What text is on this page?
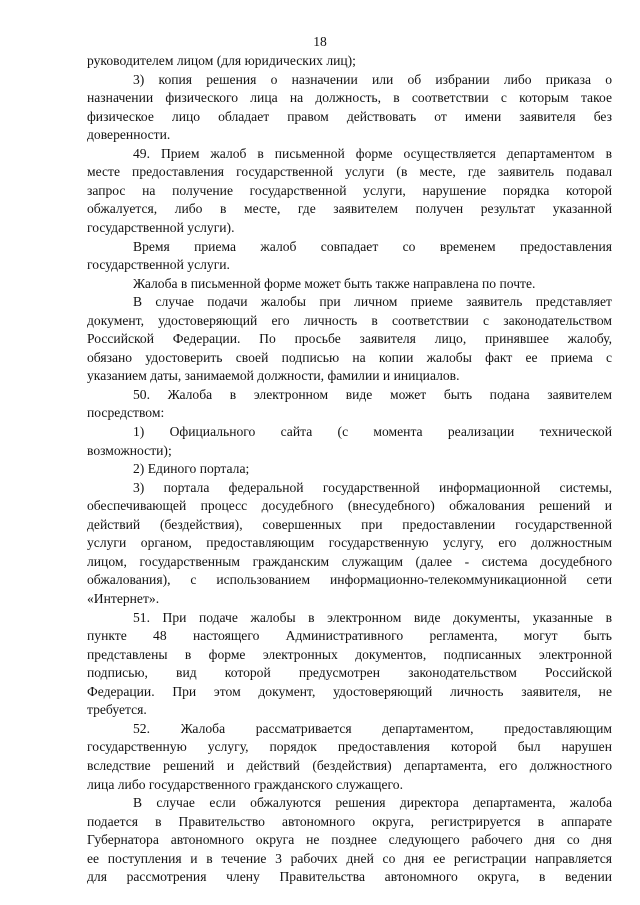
18
руководителем лицом (для юридических лиц);
3) копия решения о назначении или об избрании либо приказа о
назначении физического лица на должность, в соответствии с которым такое
физическое лицо обладает правом действовать от имени заявителя без
доверенности.
49. Прием жалоб в письменной форме осуществляется департаментом в
месте предоставления государственной услуги (в месте, где заявитель подавал
запрос на получение государственной услуги, нарушение порядка которой
обжалуется, либо в месте, где заявителем получен результат указанной
государственной услуги).
Время приема жалоб совпадает со временем предоставления
государственной услуги.
Жалоба в письменной форме может быть также направлена по почте.
В случае подачи жалобы при личном приеме заявитель представляет
документ, удостоверяющий его личность в соответствии с законодательством
Российской Федерации. По просьбе заявителя лицо, принявшее жалобу,
обязано удостоверить своей подписью на копии жалобы факт ее приема с
указанием даты, занимаемой должности, фамилии и инициалов.
50. Жалоба в электронном виде может быть подана заявителем
посредством:
1) Официального сайта (с момента реализации технической
возможности);
2) Единого портала;
3) портала федеральной государственной информационной системы,
обеспечивающей процесс досудебного (внесудебного) обжалования решений и
действий (бездействия), совершенных при предоставлении государственной
услуги органом, предоставляющим государственную услугу, его должностным
лицом, государственным гражданским служащим (далее - система досудебного
обжалования), с использованием информационно-телекоммуникационной сети
«Интернет».
51. При подаче жалобы в электронном виде документы, указанные в
пункте 48 настоящего Административного регламента, могут быть
представлены в форме электронных документов, подписанных электронной
подписью, вид которой предусмотрен законодательством Российской
Федерации. При этом документ, удостоверяющий личность заявителя, не
требуется.
52. Жалоба рассматривается департаментом, предоставляющим
государственную услугу, порядок предоставления которой был нарушен
вследствие решений и действий (бездействия) департамента, его должностного
лица либо государственного гражданского служащего.
В случае если обжалуются решения директора департамента, жалоба
подается в Правительство автономного округа, регистрируется в аппарате
Губернатора автономного округа не позднее следующего рабочего дня со дня
ее поступления и в течение 3 рабочих дней со дня ее регистрации направляется
для рассмотрения члену Правительства автономного округа, в ведении
